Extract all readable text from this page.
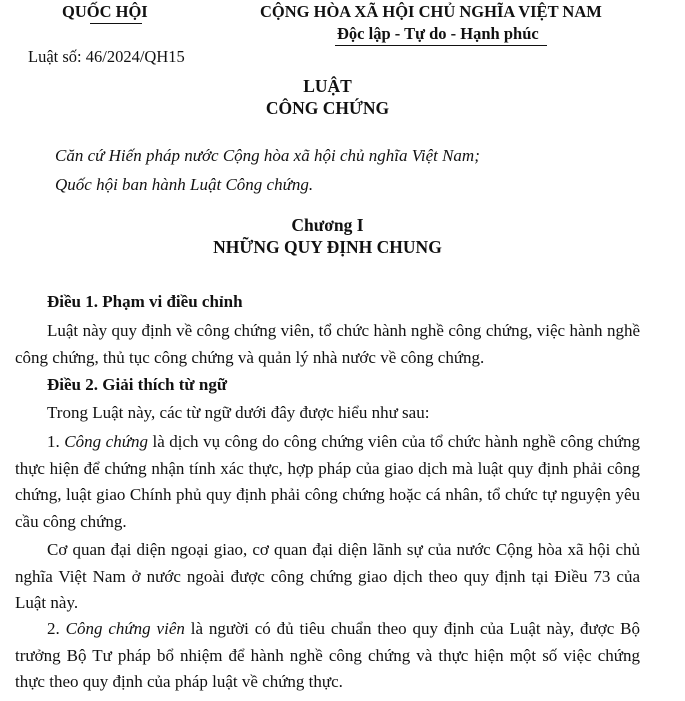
QUỐC HỘI	CỘNG HÒA XÃ HỘI CHỦ NGHĨA VIỆT NAM
Độc lập - Tự do - Hạnh phúc
Luật số: 46/2024/QH15
LUẬT
CÔNG CHỨNG
Căn cứ Hiến pháp nước Cộng hòa xã hội chủ nghĩa Việt Nam;
Quốc hội ban hành Luật Công chứng.
Chương I
NHỮNG QUY ĐỊNH CHUNG
Điều 1. Phạm vi điều chỉnh

Luật này quy định về công chứng viên, tổ chức hành nghề công chứng, việc hành nghề công chứng, thủ tục công chứng và quản lý nhà nước về công chứng.

Điều 2. Giải thích từ ngữ
Trong Luật này, các từ ngữ dưới đây được hiểu như sau:

1. Công chứng là dịch vụ công do công chứng viên của tổ chức hành nghề công chứng thực hiện để chứng nhận tính xác thực, hợp pháp của giao dịch mà luật quy định phải công chứng, luật giao Chính phủ quy định phải công chứng hoặc cá nhân, tổ chức tự nguyện yêu cầu công chứng.

Cơ quan đại diện ngoại giao, cơ quan đại diện lãnh sự của nước Cộng hòa xã hội chủ nghĩa Việt Nam ở nước ngoài được công chứng giao dịch theo quy định tại Điều 73 của Luật này.

2. Công chứng viên là người có đủ tiêu chuẩn theo quy định của Luật này, được Bộ trưởng Bộ Tư pháp bổ nhiệm để hành nghề công chứng và thực hiện một số việc chứng thực theo quy định của pháp luật về chứng thực.
